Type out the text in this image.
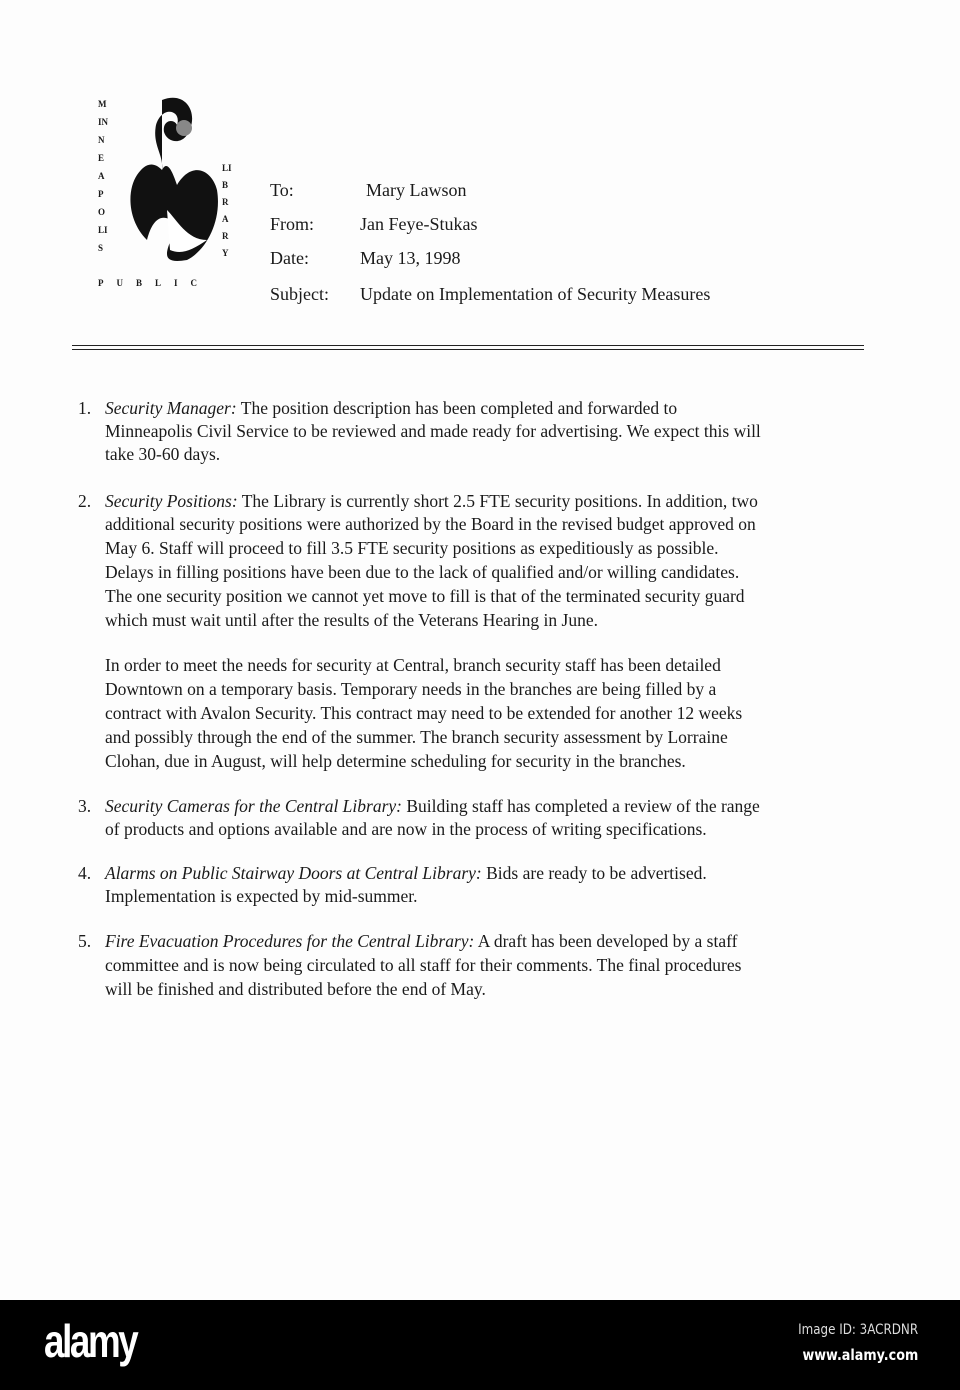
MINNEAPOLIS
PUBLIC
LIBRARY
To:	Mary Lawson
From:	Jan Feye-Stukas
Date:	May 13, 1998
Subject: Update on Implementation of Security Measures
1. Security Manager: The position description has been completed and forwarded to
Minneapolis Civil Service to be reviewed and made ready for advertising. We expect this will
take 30-60 days.
2. Security Positions: The Library is currently short 2.5 FTE security positions. In addition, two
additional security positions were authorized by the Board in the revised budget approved on
May 6. Staff will proceed to fill 3.5 FTE security positions as expeditiously as possible.
Delays in filling positions have been due to the lack of qualified and/or willing candidates.
The one security position we cannot yet move to fill is that of the terminated security guard
which must wait until after the results of the Veterans Hearing in June.
In order to meet the needs for security at Central, branch security staff has been detailed
Downtown on a temporary basis. Temporary needs in the branches are being filled by a
contract with Avalon Security. This contract may need to be extended for another 12 weeks
and possibly through the end of the summer. The branch security assessment by Lorraine
Clohan, due in August, will help determine scheduling for security in the branches.
3. Security Cameras for the Central Library: Building staff has completed a review of the range
of products and options available and are now in the process of writing specifications.
4. Alarms on Public Stairway Doors at Central Library: Bids are ready to be advertised.
Implementation is expected by mid-summer.
5. Fire Evacuation Procedures for the Central Library: A draft has been developed by a staff
committee and is now being circulated to all staff for their comments. The final procedures
will be finished and distributed before the end of May.
alamy	Image ID: 3ACRDNR
www.alamy.com
